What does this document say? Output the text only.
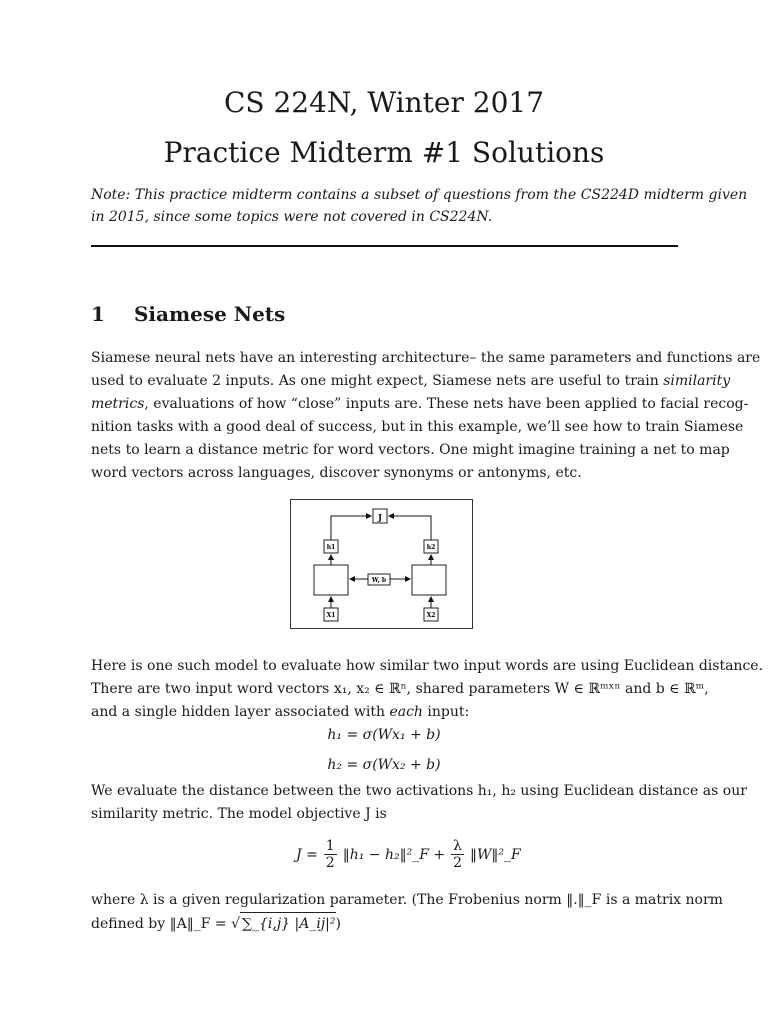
CS 224N, Winter 2017
Practice Midterm #1 Solutions
Note: This practice midterm contains a subset of questions from the CS224D midterm given
in 2015, since some topics were not covered in CS224N.
1 Siamese Nets
Siamese neural nets have an interesting architecture– the same parameters and functions are
used to evaluate 2 inputs. As one might expect, Siamese nets are useful to train similarity
metrics, evaluations of how “close” inputs are. These nets have been applied to facial recog-
nition tasks with a good deal of success, but in this example, we’ll see how to train Siamese
nets to learn a distance metric for word vectors. One might imagine training a net to map
word vectors across languages, discover synonyms or antonyms, etc.
J
h1	h2
W, b
X1	X2
Here is one such model to evaluate how similar two input words are using Euclidean distance.
There are two input word vectors x₁, x₂ ∈ ℝⁿ, shared parameters W ∈ ℝᵐˣⁿ and b ∈ ℝᵐ,
and a single hidden layer associated with each input:
h₁ = σ(Wx₁ + b)
h₂ = σ(Wx₂ + b)
We evaluate the distance between the two activations h₁, h₂ using Euclidean distance as our
similarity metric. The model objective J is
$J = \frac{1}{2}$ ‖h₁ − h₂‖²_F + $\frac{\lambda}{2}$ ‖W‖²_F
where λ is a given regularization parameter. (The Frobenius norm ‖.‖_F is a matrix norm
defined by ‖A‖_F = √ ∑_{i,j} |A_ij|²)
